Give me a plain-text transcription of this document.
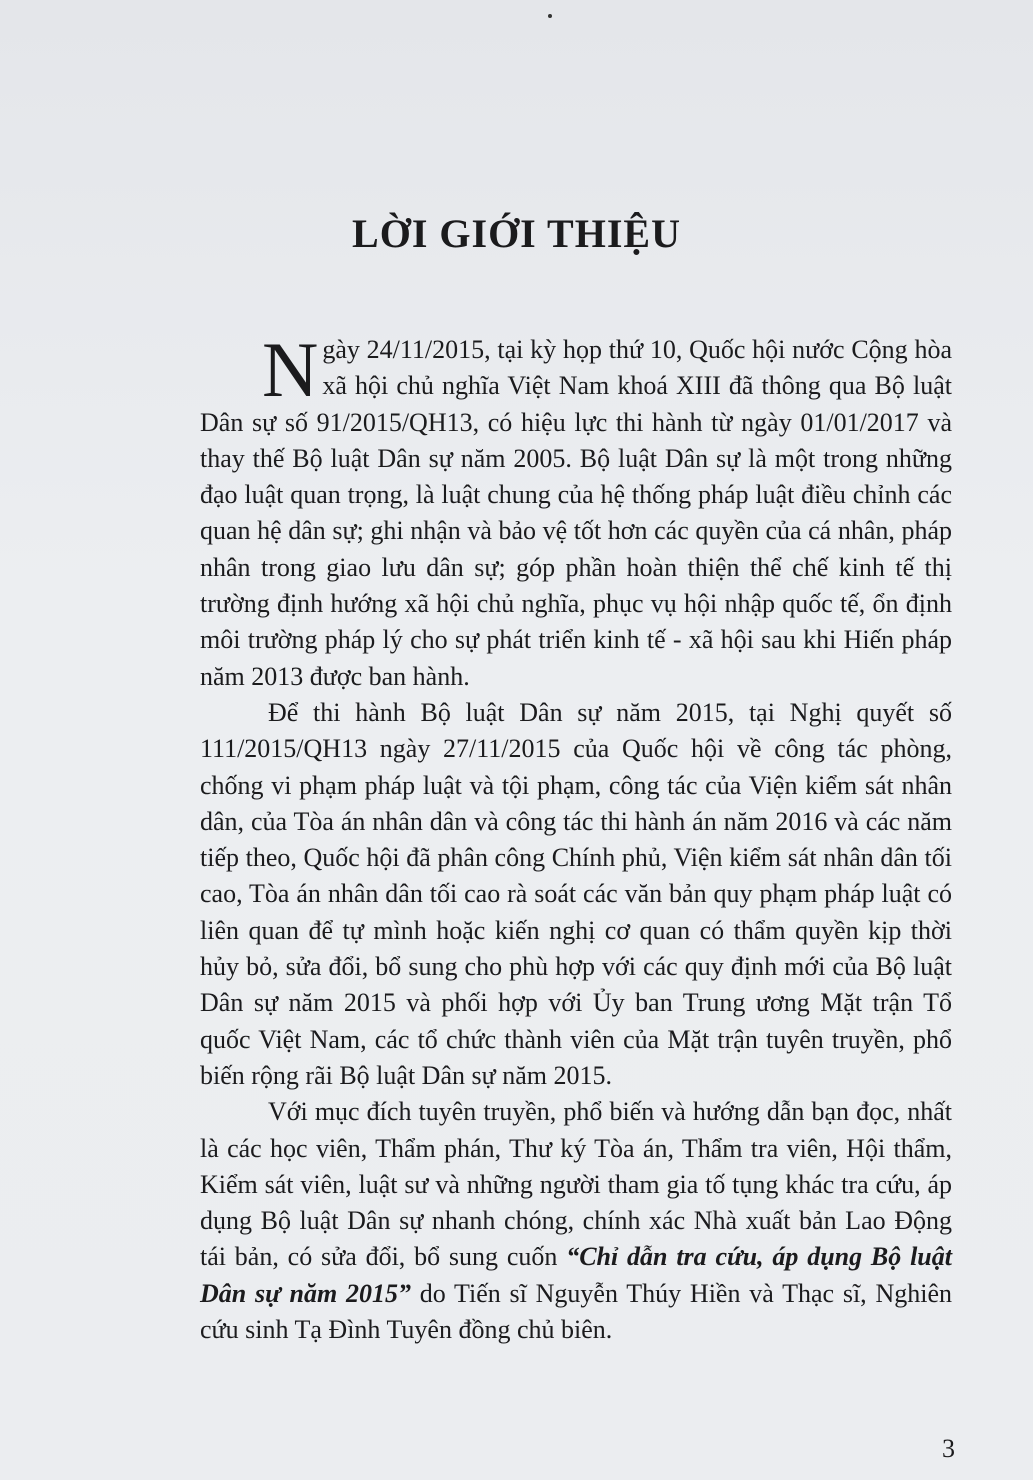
LỜI GIỚI THIỆU

Ngày 24/11/2015, tại kỳ họp thứ 10, Quốc hội nước Cộng hòa xã hội chủ nghĩa Việt Nam khoá XIII đã thông qua Bộ luật Dân sự số 91/2015/QH13, có hiệu lực thi hành từ ngày 01/01/2017 và thay thế Bộ luật Dân sự năm 2005. Bộ luật Dân sự là một trong những đạo luật quan trọng, là luật chung của hệ thống pháp luật điều chỉnh các quan hệ dân sự; ghi nhận và bảo vệ tốt hơn các quyền của cá nhân, pháp nhân trong giao lưu dân sự; góp phần hoàn thiện thể chế kinh tế thị trường định hướng xã hội chủ nghĩa, phục vụ hội nhập quốc tế, ổn định môi trường pháp lý cho sự phát triển kinh tế - xã hội sau khi Hiến pháp năm 2013 được ban hành.

Để thi hành Bộ luật Dân sự năm 2015, tại Nghị quyết số 111/2015/QH13 ngày 27/11/2015 của Quốc hội về công tác phòng, chống vi phạm pháp luật và tội phạm, công tác của Viện kiểm sát nhân dân, của Tòa án nhân dân và công tác thi hành án năm 2016 và các năm tiếp theo, Quốc hội đã phân công Chính phủ, Viện kiểm sát nhân dân tối cao, Tòa án nhân dân tối cao rà soát các văn bản quy phạm pháp luật có liên quan để tự mình hoặc kiến nghị cơ quan có thẩm quyền kịp thời hủy bỏ, sửa đổi, bổ sung cho phù hợp với các quy định mới của Bộ luật Dân sự năm 2015 và phối hợp với Ủy ban Trung ương Mặt trận Tổ quốc Việt Nam, các tổ chức thành viên của Mặt trận tuyên truyền, phổ biến rộng rãi Bộ luật Dân sự năm 2015.

Với mục đích tuyên truyền, phổ biến và hướng dẫn bạn đọc, nhất là các học viên, Thẩm phán, Thư ký Tòa án, Thẩm tra viên, Hội thẩm, Kiểm sát viên, luật sư và những người tham gia tố tụng khác tra cứu, áp dụng Bộ luật Dân sự nhanh chóng, chính xác Nhà xuất bản Lao Động tái bản, có sửa đổi, bổ sung cuốn “Chỉ dẫn tra cứu, áp dụng Bộ luật Dân sự năm 2015” do Tiến sĩ Nguyễn Thúy Hiền và Thạc sĩ, Nghiên cứu sinh Tạ Đình Tuyên đồng chủ biên.

3
